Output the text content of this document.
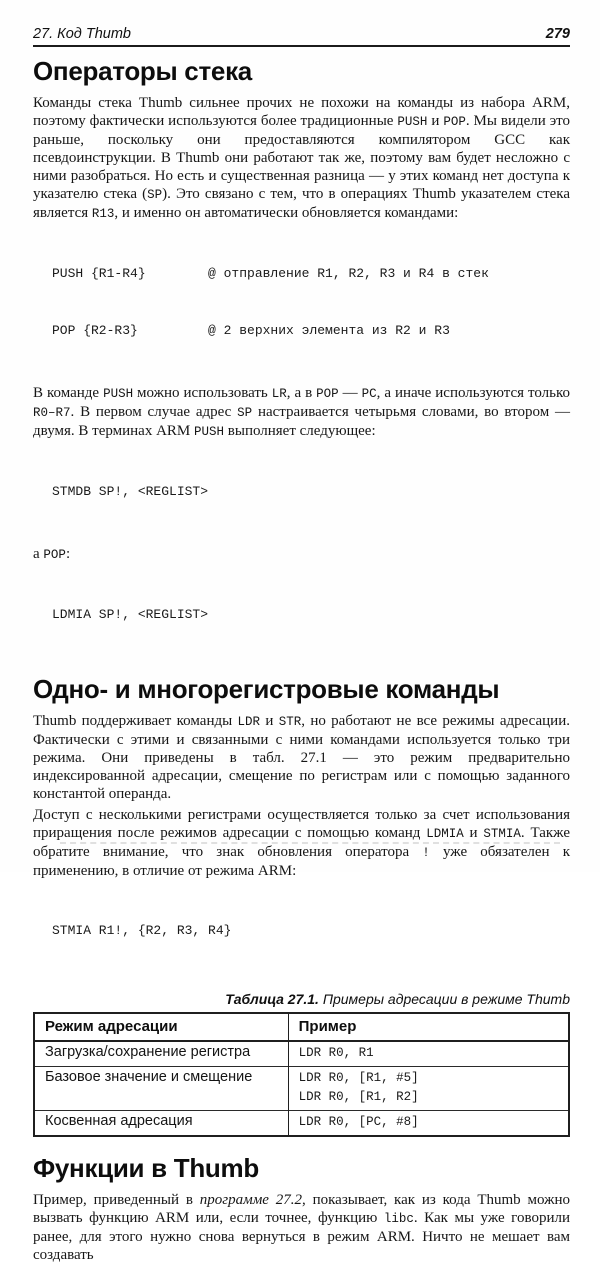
27. Код Thumb	279
Операторы стека

Команды стека Thumb сильнее прочих не похожи на команды из набора ARM, поэтому фактически используются более традиционные PUSH и POP. Мы видели это раньше, поскольку они предоставляются компилятором GCC как псевдоинструкции. В Thumb они работают так же, поэтому вам будет несложно с ними разобраться. Но есть и существенная разница — у этих команд нет доступа к указателю стека (SP). Это связано с тем, что в операциях Thumb указателем стека является R13, и именно он автоматически обновляется командами:

PUSH {R1-R4}        @ отправление R1, R2, R3 и R4 в стек

POP {R2-R3}         @ 2 верхних элемента из R2 и R3

В команде PUSH можно использовать LR, а в POP — PC, а иначе используются только R0–R7. В первом случае адрес SP настраивается четырьмя словами, во втором — двумя. В терминах ARM PUSH выполняет следующее:

STMDB SP!, <REGLIST>

а POP:

LDMIA SP!, <REGLIST>

Одно- и многорегистровые команды

Thumb поддерживает команды LDR и STR, но работают не все режимы адресации. Фактически с этими и связанными с ними командами используется только три режима. Они приведены в табл. 27.1 — это режим предварительно индексированной адресации, смещение по регистрам или с помощью заданного константой операнда.

Доступ с несколькими регистрами осуществляется только за счет использования приращения после режимов адресации с помощью команд LDMIA и STMIA. Также обратите внимание, что знак обновления оператора ! уже обязателен к применению, в отличие от режима ARM:

STMIA R1!, {R2, R3, R4}

Таблица 27.1. Примеры адресации в режиме Thumb
Режим адресации	Пример
Загрузка/сохранение регистра	LDR R0, R1

Базовое значение и смещение	LDR R0, [R1, #5]
LDR R0, [R1, R2]

Косвенная адресация	LDR R0, [PC, #8]
Функции в Thumb

Пример, приведенный в программе 27.2, показывает, как из кода Thumb можно вызвать функцию ARM или, если точнее, функцию libc. Как мы уже говорили ранее, для этого нужно снова вернуться в режим ARM. Ничто не мешает вам создавать
